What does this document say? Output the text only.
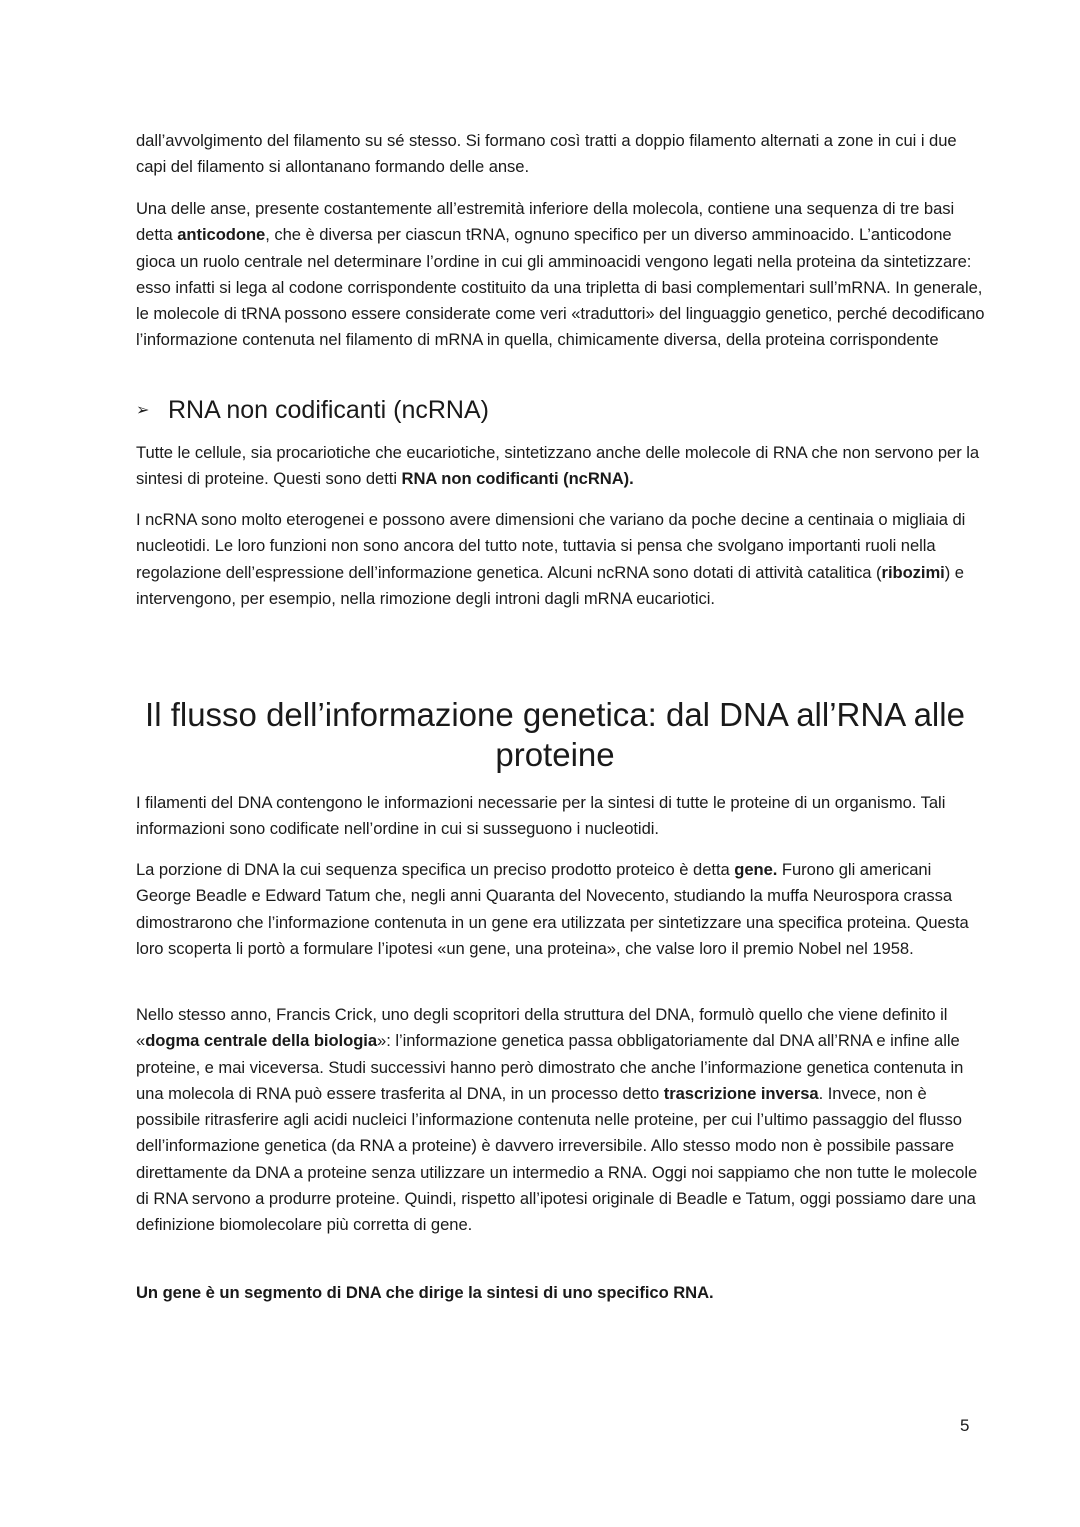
dall’avvolgimento del filamento su sé stesso. Si formano così tratti a doppio filamento alternati a zone in cui i due capi del filamento si allontanano formando delle anse.

Una delle anse, presente costantemente all’estremità inferiore della molecola, contiene una sequenza di tre basi detta anticodone, che è diversa per ciascun tRNA, ognuno specifico per un diverso amminoacido. L’anticodone gioca un ruolo centrale nel determinare l’ordine in cui gli amminoacidi vengono legati nella proteina da sintetizzare: esso infatti si lega al codone corrispondente costituito da una tripletta di basi complementari sull’mRNA. In generale, le molecole di tRNA possono essere considerate come veri «traduttori» del linguaggio genetico, perché decodificano l’informazione contenuta nel filamento di mRNA in quella, chimicamente diversa, della proteina corrispondente

➢ RNA non codificanti (ncRNA)

Tutte le cellule, sia procariotiche che eucariotiche, sintetizzano anche delle molecole di RNA che non servono per la sintesi di proteine. Questi sono detti RNA non codificanti (ncRNA).

I ncRNA sono molto eterogenei e possono avere dimensioni che variano da poche decine a centinaia o migliaia di nucleotidi. Le loro funzioni non sono ancora del tutto note, tuttavia si pensa che svolgano importanti ruoli nella regolazione dell’espressione dell’informazione genetica. Alcuni ncRNA sono dotati di attività catalitica (ribozimi) e intervengono, per esempio, nella rimozione degli introni dagli mRNA eucariotici.

Il flusso dell’informazione genetica: dal DNA all’RNA alle proteine

I filamenti del DNA contengono le informazioni necessarie per la sintesi di tutte le proteine di un organismo. Tali informazioni sono codificate nell’ordine in cui si susseguono i nucleotidi.

La porzione di DNA la cui sequenza specifica un preciso prodotto proteico è detta gene. Furono gli americani George Beadle e Edward Tatum che, negli anni Quaranta del Novecento, studiando la muffa Neurospora crassa dimostrarono che l’informazione contenuta in un gene era utilizzata per sintetizzare una specifica proteina. Questa loro scoperta li portò a formulare l’ipotesi «un gene, una proteina», che valse loro il premio Nobel nel 1958.

Nello stesso anno, Francis Crick, uno degli scopritori della struttura del DNA, formulò quello che viene definito il «dogma centrale della biologia»: l’informazione genetica passa obbligatoriamente dal DNA all’RNA e infine alle proteine, e mai viceversa. Studi successivi hanno però dimostrato che anche l’informazione genetica contenuta in una molecola di RNA può essere trasferita al DNA, in un processo detto trascrizione inversa. Invece, non è possibile ritrasferire agli acidi nucleici l’informazione contenuta nelle proteine, per cui l’ultimo passaggio del flusso dell’informazione genetica (da RNA a proteine) è davvero irreversibile. Allo stesso modo non è possibile passare direttamente da DNA a proteine senza utilizzare un intermedio a RNA. Oggi noi sappiamo che non tutte le molecole di RNA servono a produrre proteine. Quindi, rispetto all’ipotesi originale di Beadle e Tatum, oggi possiamo dare una definizione biomolecolare più corretta di gene.

Un gene è un segmento di DNA che dirige la sintesi di uno specifico RNA.

5
